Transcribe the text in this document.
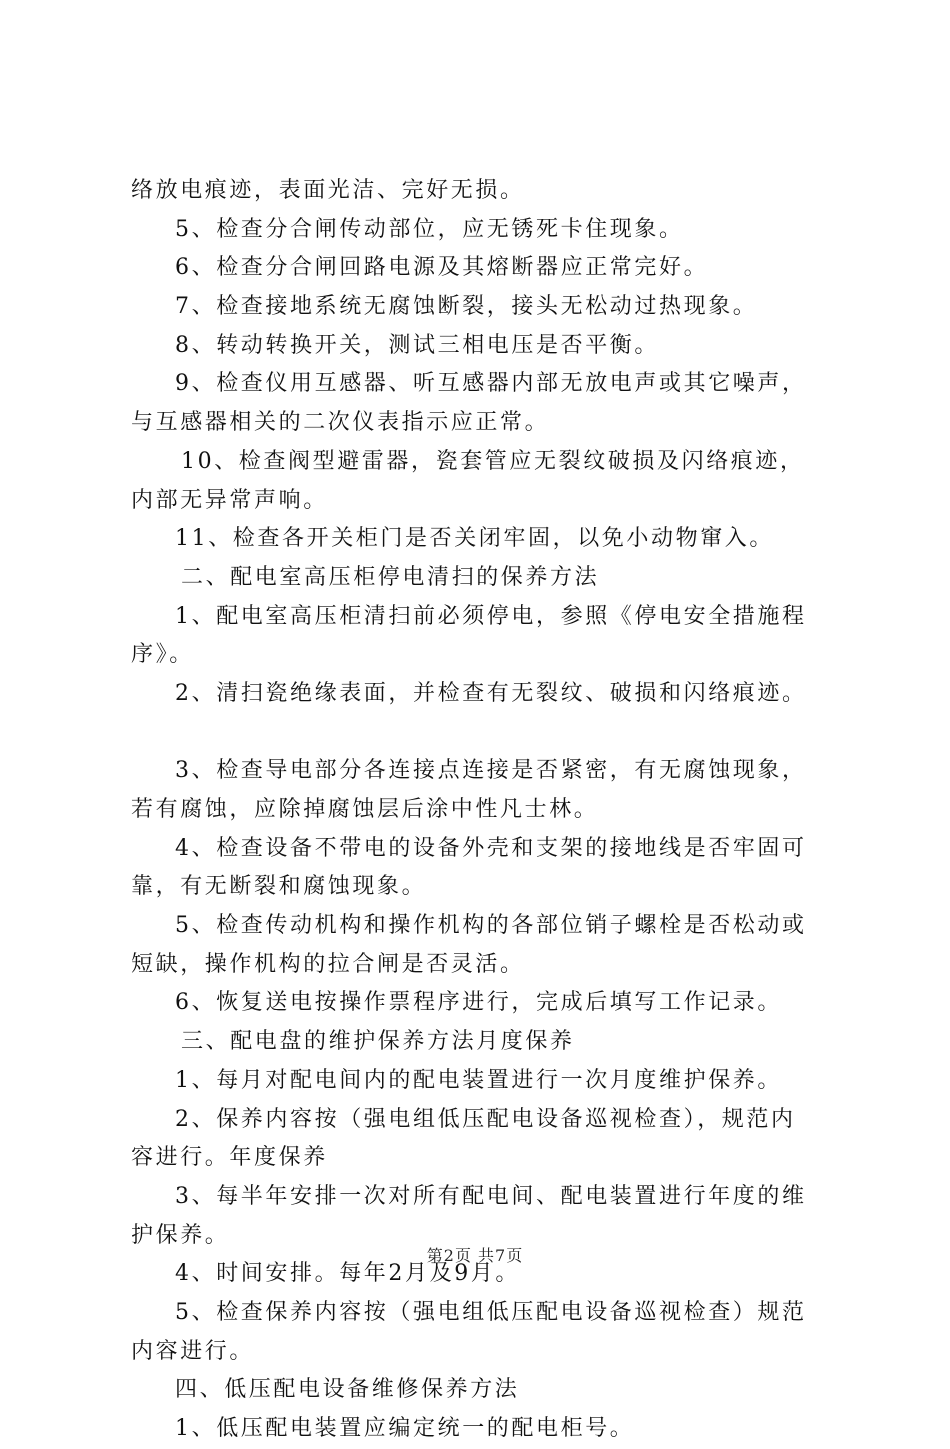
络放电痕迹，表面光洁、完好无损。
5、检查分合闸传动部位，应无锈死卡住现象。
6、检查分合闸回路电源及其熔断器应正常完好。
7、检查接地系统无腐蚀断裂，接头无松动过热现象。
8、转动转换开关，测试三相电压是否平衡。
9、检查仪用互感器、听互感器内部无放电声或其它噪声，
与互感器相关的二次仪表指示应正常。
10、检查阀型避雷器，瓷套管应无裂纹破损及闪络痕迹，
内部无异常声响。
11、检查各开关柜门是否关闭牢固，以免小动物窜入。
二、配电室高压柜停电清扫的保养方法
1、配电室高压柜清扫前必须停电，参照《停电安全措施程
序》。
2、清扫瓷绝缘表面，并检查有无裂纹、破损和闪络痕迹。
3、检查导电部分各连接点连接是否紧密，有无腐蚀现象，
若有腐蚀，应除掉腐蚀层后涂中性凡士林。
4、检查设备不带电的设备外壳和支架的接地线是否牢固可
靠，有无断裂和腐蚀现象。
5、检查传动机构和操作机构的各部位销子螺栓是否松动或
短缺，操作机构的拉合闸是否灵活。
6、恢复送电按操作票程序进行，完成后填写工作记录。
三、配电盘的维护保养方法月度保养
1、每月对配电间内的配电装置进行一次月度维护保养。
2、保养内容按（强电组低压配电设备巡视检查），规范内
容进行。年度保养
3、每半年安排一次对所有配电间、配电装置进行年度的维
护保养。
4、时间安排。每年2月及9月。
5、检查保养内容按（强电组低压配电设备巡视检查）规范
内容进行。
四、低压配电设备维修保养方法
1、低压配电装置应编定统一的配电柜号。
第2页 共7页
